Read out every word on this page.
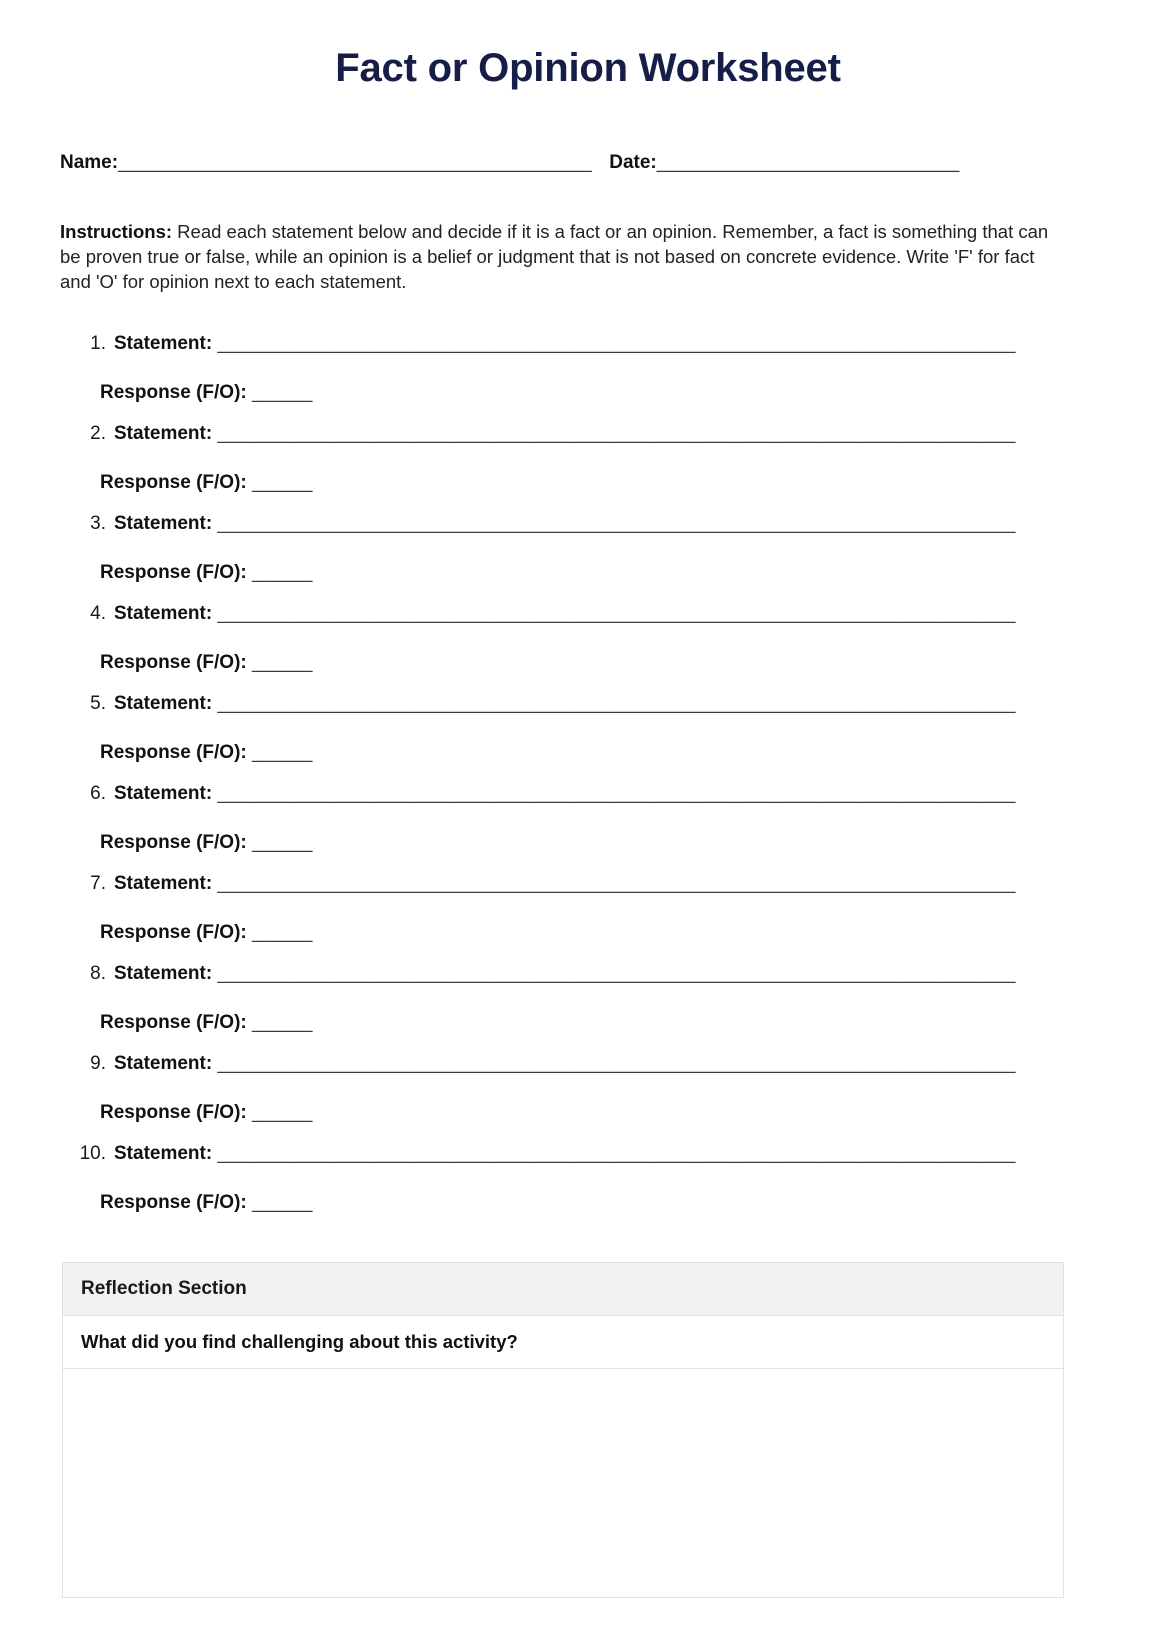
Fact or Opinion Worksheet
Name:_______________________________________________ Date:______________________________
Instructions: Read each statement below and decide if it is a fact or an opinion. Remember, a fact is something that can be proven true or false, while an opinion is a belief or judgment that is not based on concrete evidence. Write 'F' for fact and 'O' for opinion next to each statement.
1. Statement: ________________________________________________________________________________
Response (F/O): ______
2. Statement: ________________________________________________________________________________
Response (F/O): ______
3. Statement: ________________________________________________________________________________
Response (F/O): ______
4. Statement: ________________________________________________________________________________
Response (F/O): ______
5. Statement: ________________________________________________________________________________
Response (F/O): ______
6. Statement: ________________________________________________________________________________
Response (F/O): ______
7. Statement: ________________________________________________________________________________
Response (F/O): ______
8. Statement: ________________________________________________________________________________
Response (F/O): ______
9. Statement: ________________________________________________________________________________
Response (F/O): ______
10. Statement: ________________________________________________________________________________
Response (F/O): ______
Reflection Section
What did you find challenging about this activity?
